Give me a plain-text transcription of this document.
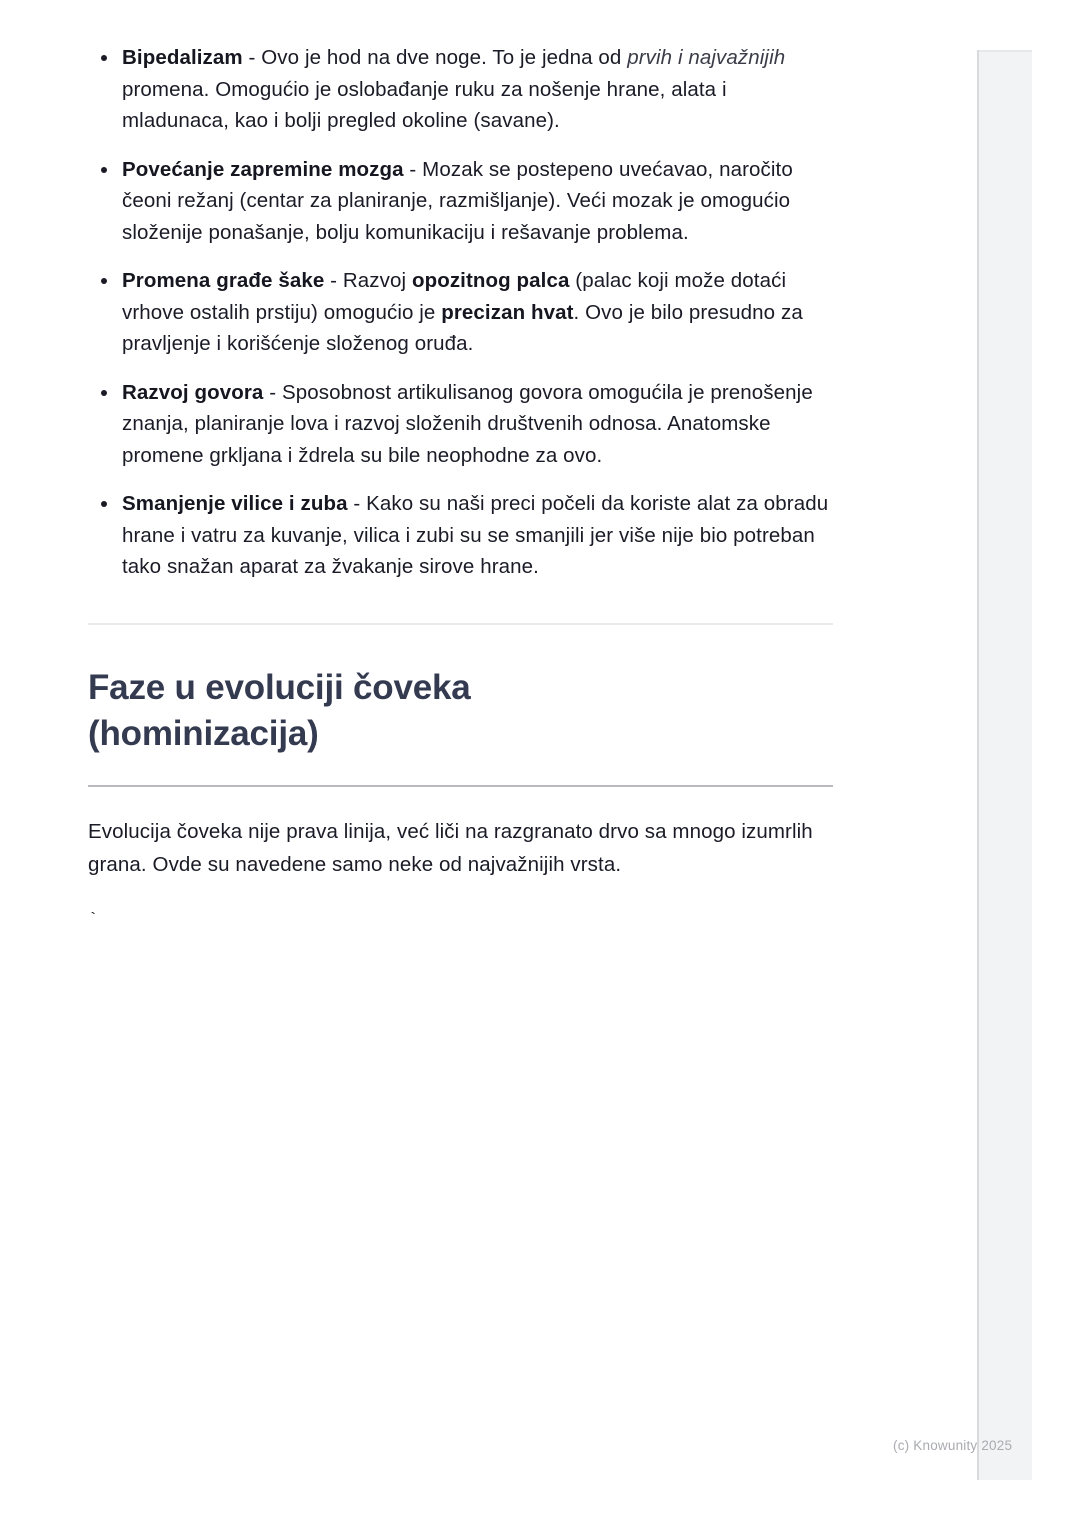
Bipedalizam - Ovo je hod na dve noge. To je jedna od prvih i najvažnijih promena. Omogućio je oslobađanje ruku za nošenje hrane, alata i mladunaca, kao i bolji pregled okoline (savane).
Povećanje zapremine mozga - Mozak se postepeno uvećavao, naročito čeoni režanj (centar za planiranje, razmišljanje). Veći mozak je omogućio složenije ponašanje, bolju komunikaciju i rešavanje problema.
Promena građe šake - Razvoj opozitnog palca (palac koji može dotaći vrhove ostalih prstiju) omogućio je precizan hvat. Ovo je bilo presudno za pravljenje i korišćenje složenog oruđa.
Razvoj govora - Sposobnost artikulisanog govora omogućila je prenošenje znanja, planiranje lova i razvoj složenih društvenih odnosa. Anatomske promene grkljana i ždrela su bile neophodne za ovo.
Smanjenje vilice i zuba - Kako su naši preci počeli da koriste alat za obradu hrane i vatru za kuvanje, vilica i zubi su se smanjili jer više nije bio potreban tako snažan aparat za žvakanje sirove hrane.
Faze u evoluciji čoveka
(hominizacija)

Evolucija čoveka nije prava linija, već liči na razgranato drvo sa mnogo izumrlih grana. Ovde su navedene samo neke od najvažnijih vrsta.

`

(c) Knowunity 2025
